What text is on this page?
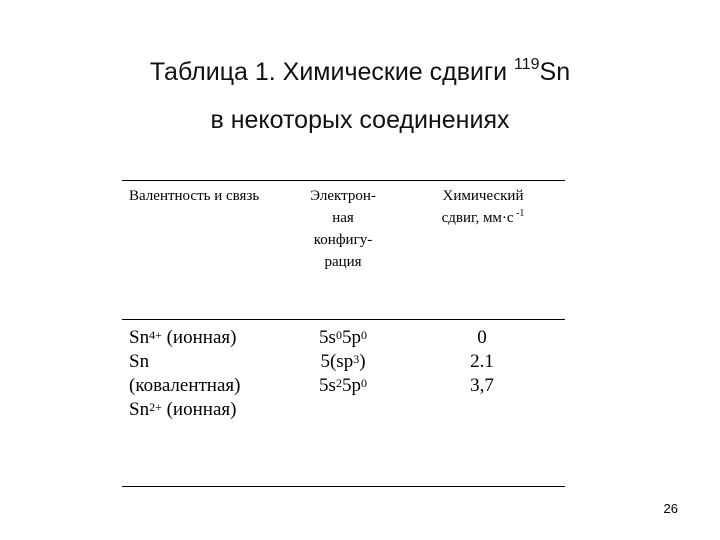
Таблица 1. Химические сдвиги $^{119}$Sn
в некоторых соединениях
Валентность и связь	Электрон-
ная
конфигу-
рация
Химический
сдвиг, мм·с $^{-1}$
$Sn^{4+}$ (ионная)
Sn
(ковалентная)
$Sn^{2+}$ (ионная)
$5s^05p^0$
$5(sp^3)$
$5s^25p^0$
0
2.1
3,7
26
